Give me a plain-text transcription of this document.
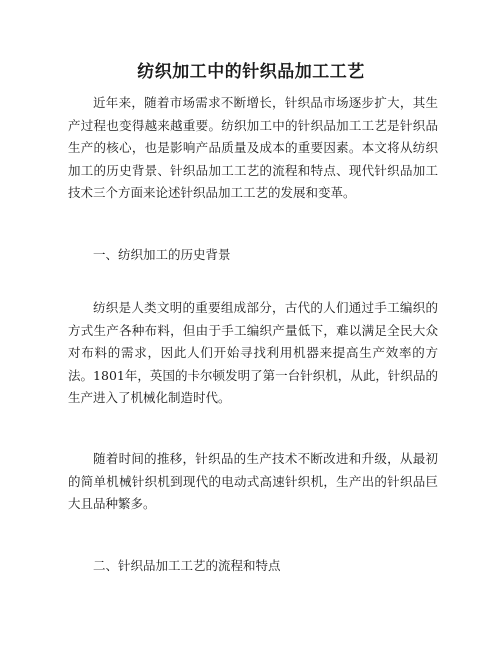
纺织加工中的针织品加工工艺

近年来，随着市场需求不断增长，针织品市场逐步扩大，其生产过程也变得越来越重要。纺织加工中的针织品加工工艺是针织品生产的核心，也是影响产品质量及成本的重要因素。本文将从纺织加工的历史背景、针织品加工工艺的流程和特点、现代针织品加工技术三个方面来论述针织品加工工艺的发展和变革。

一、纺织加工的历史背景

纺织是人类文明的重要组成部分，古代的人们通过手工编织的方式生产各种布料，但由于手工编织产量低下，难以满足全民大众对布料的需求，因此人们开始寻找利用机器来提高生产效率的方法。1801年，英国的卡尔顿发明了第一台针织机，从此，针织品的生产进入了机械化制造时代。

随着时间的推移，针织品的生产技术不断改进和升级，从最初的简单机械针织机到现代的电动式高速针织机，生产出的针织品巨大且品种繁多。

二、针织品加工工艺的流程和特点
